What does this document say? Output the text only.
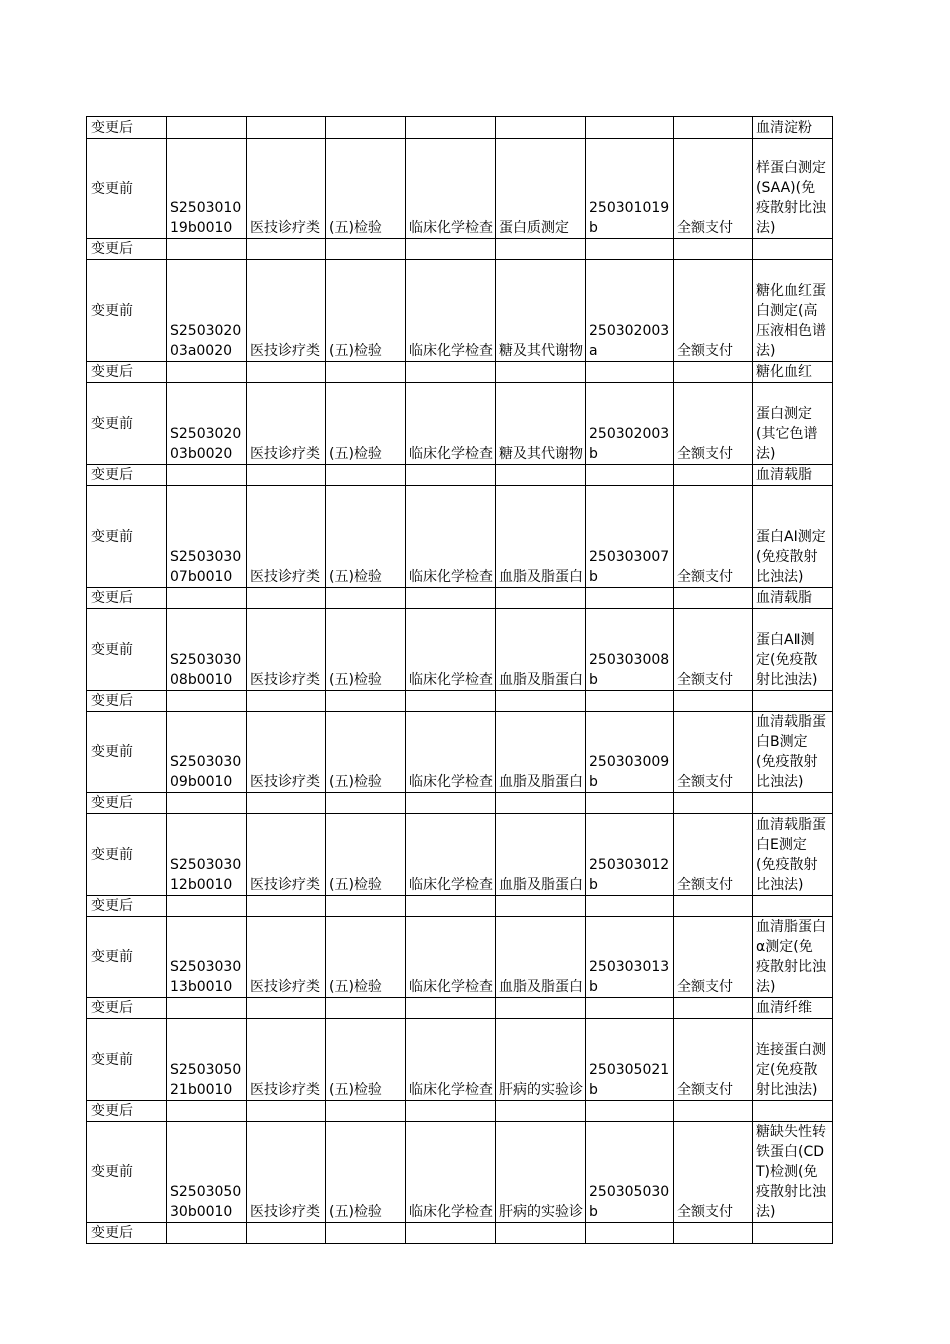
变更后								血清淀粉
变更前	S250301019b0010	医技诊疗类	(五)检验	临床化学检查	蛋白质测定	250301019b	全额支付	样蛋白测定(SAA)(免疫散射比浊法)
变更后								
变更前	S250302003a0020	医技诊疗类	(五)检验	临床化学检查	糖及其代谢物	250302003a	全额支付	糖化血红蛋白测定(高压液相色谱法)
变更后								糖化血红
变更前	S250302003b0020	医技诊疗类	(五)检验	临床化学检查	糖及其代谢物	250302003b	全额支付	蛋白测定(其它色谱法)
变更后								血清载脂
变更前	S250303007b0010	医技诊疗类	(五)检验	临床化学检查	血脂及脂蛋白	250303007b	全额支付	蛋白AⅠ测定(免疫散射比浊法)
变更后								血清载脂
变更前	S250303008b0010	医技诊疗类	(五)检验	临床化学检查	血脂及脂蛋白	250303008b	全额支付	蛋白AⅡ测定(免疫散射比浊法)
变更后								
变更前	S250303009b0010	医技诊疗类	(五)检验	临床化学检查	血脂及脂蛋白	250303009b	全额支付	血清载脂蛋白B测定(免疫散射比浊法)
变更后								
变更前	S250303012b0010	医技诊疗类	(五)检验	临床化学检查	血脂及脂蛋白	250303012b	全额支付	血清载脂蛋白E测定(免疫散射比浊法)
变更后								
变更前	S250303013b0010	医技诊疗类	(五)检验	临床化学检查	血脂及脂蛋白	250303013b	全额支付	血清脂蛋白α测定(免疫散射比浊法)
变更后								血清纤维
变更前	S250305021b0010	医技诊疗类	(五)检验	临床化学检查	肝病的实验诊	250305021b	全额支付	连接蛋白测定(免疫散射比浊法)
变更后								
变更前	S250305030b0010	医技诊疗类	(五)检验	临床化学检查	肝病的实验诊	250305030b	全额支付	糖缺失性转铁蛋白(CDT)检测(免疫散射比浊法)
变更后								
